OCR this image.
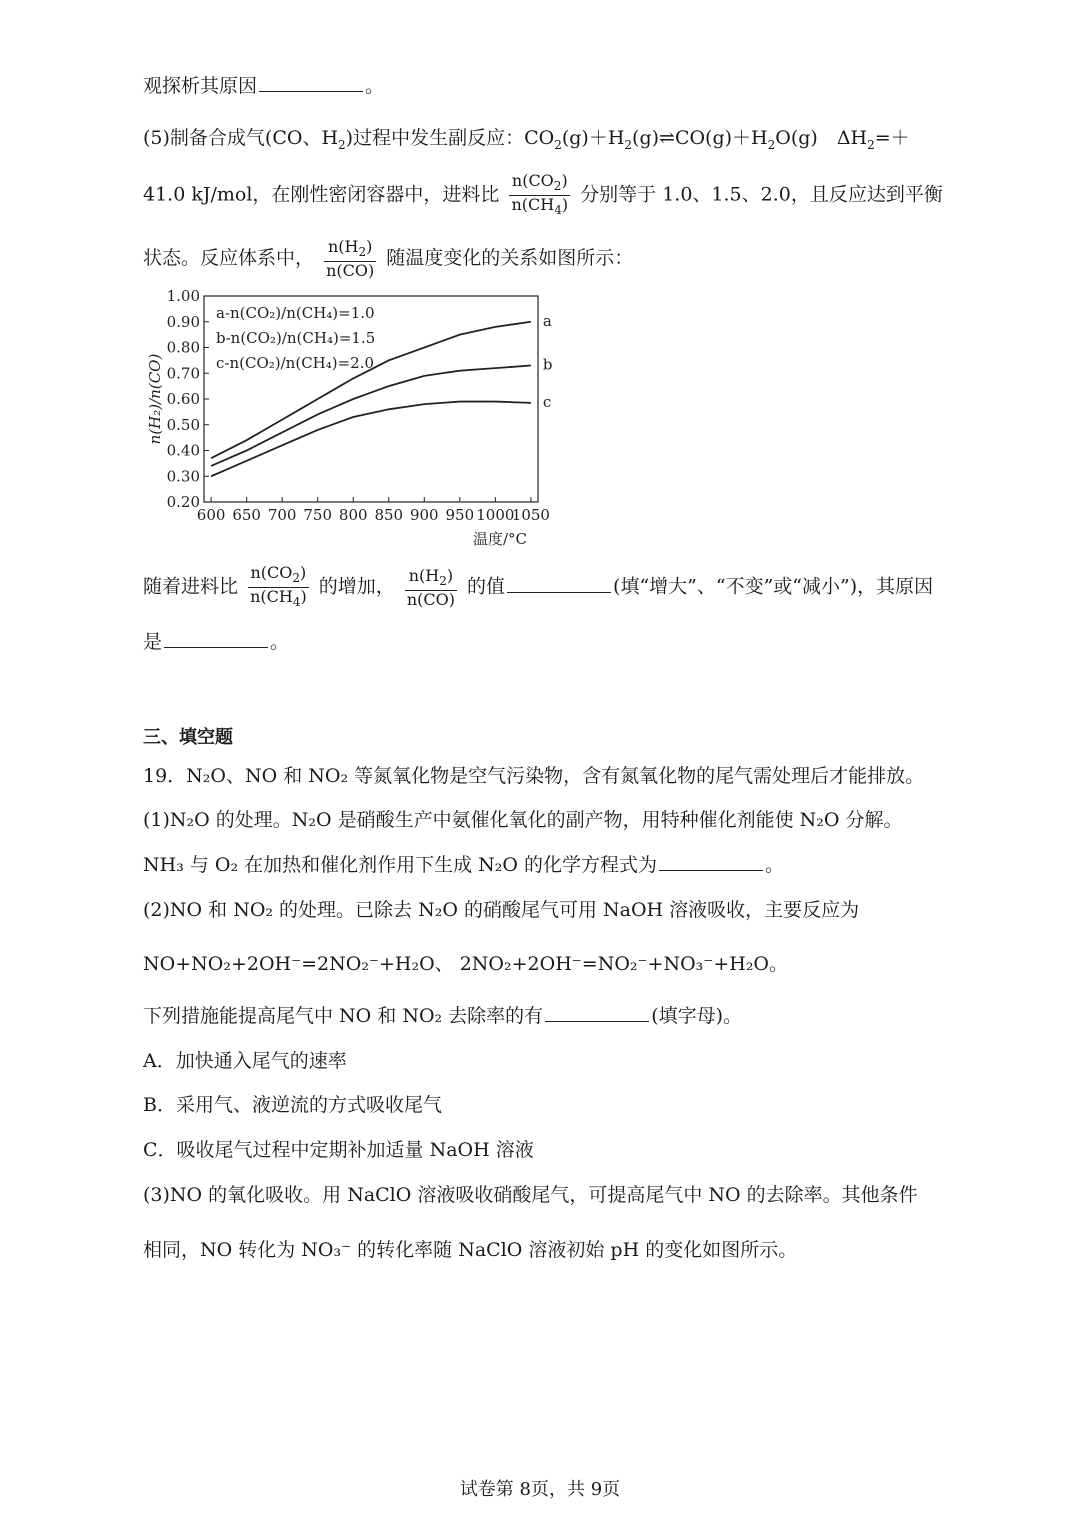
观探析其原因	。
(5)制备合成气(CO、$H_2$)过程中发生副反应：$CO_2(g)+H_2(g)\rightleftharpoons CO(g)+H_2O(g)$　$\Delta H_2=+$
41.0 kJ/mol，在刚性密闭容器中，进料比 $\frac{n(CO_2)}{n(CH_4)}$ 分别等于 1.0、1.5、2.0，且反应达到平衡
状态。反应体系中， $\frac{n(H_2)}{n(CO)}$ 随温度变化的关系如图所示：
1.00
0.90
0.80
0.70
0.60
0.50
0.40
0.30
0.20
600 650 700 750 800 850 900 950 1000
1050
温度/°C
n(H₂)/n(CO)
a
b
c
a-n(CO₂)/n(CH₄)=1.0
b-n(CO₂)/n(CH₄)=1.5
c-n(CO₂)/n(CH₄)=2.0
随着进料比 $\frac{n(CO_2)}{n(CH_4)}$ 的增加， $\frac{n(H_2)}{n(CO)}$ 的值	(填“增大”、“不变”或“减小”)，其原因
是	。
三、填空题
19．N₂O、NO 和 NO₂ 等氮氧化物是空气污染物，含有氮氧化物的尾气需处理后才能排放。
(1)N₂O 的处理。N₂O 是硝酸生产中氨催化氧化的副产物，用特种催化剂能使 N₂O 分解。
NH₃ 与 O₂ 在加热和催化剂作用下生成 N₂O 的化学方程式为	。
(2)NO 和 NO₂ 的处理。已除去 N₂O 的硝酸尾气可用 NaOH 溶液吸收，主要反应为
NO+NO₂+2OH⁻=2NO₂⁻+H₂O、 2NO₂+2OH⁻=NO₂⁻+NO₃⁻+H₂O。
下列措施能提高尾气中 NO 和 NO₂ 去除率的有	(填字母)。
A．加快通入尾气的速率
B．采用气、液逆流的方式吸收尾气
C．吸收尾气过程中定期补加适量 NaOH 溶液
(3)NO 的氧化吸收。用 NaClO 溶液吸收硝酸尾气，可提高尾气中 NO 的去除率。其他条件
相同，NO 转化为 NO₃⁻ 的转化率随 NaClO 溶液初始 pH 的变化如图所示。
试卷第 8页，共 9页
